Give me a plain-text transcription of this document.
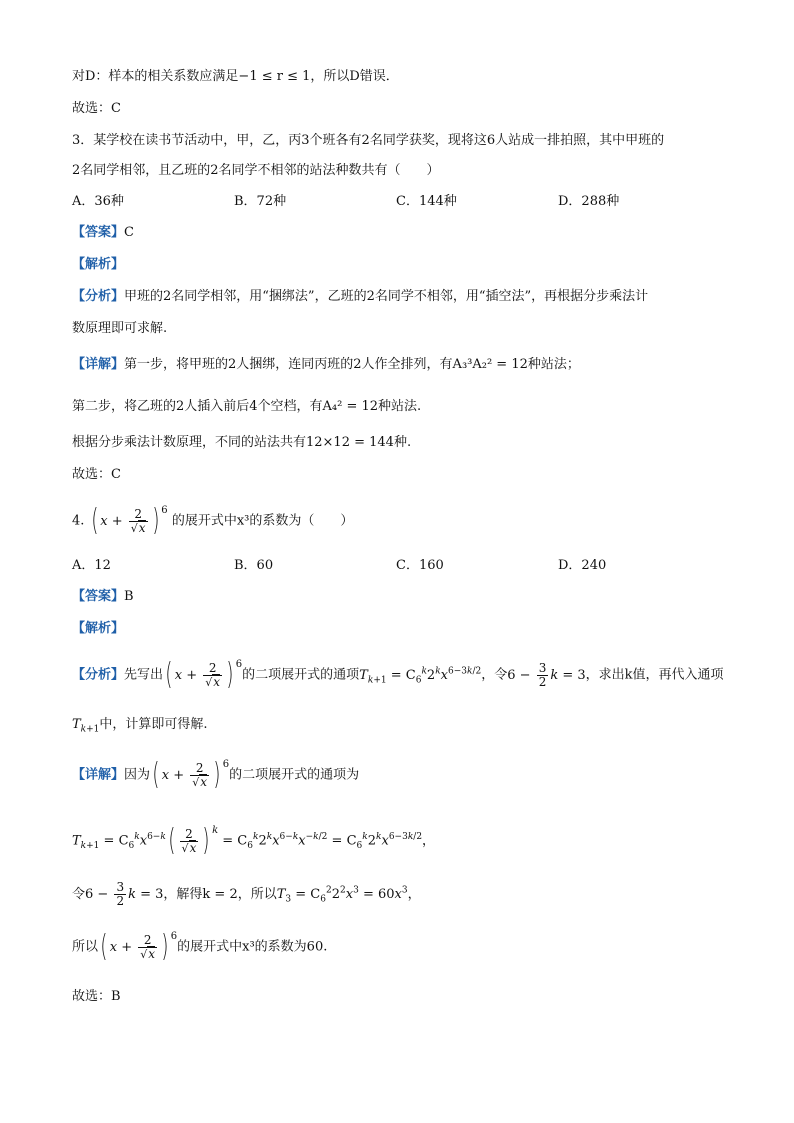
对D：样本的相关系数应满足−1 ≤ r ≤ 1，所以D错误．
故选：C
3．某学校在读书节活动中，甲，乙，丙3个班各有2名同学获奖，现将这6人站成一排拍照，其中甲班的
2名同学相邻，且乙班的2名同学不相邻的站法种数共有（　　）
A．36种	B．72种	C．144种	D．288种
【答案】C
【解析】
【分析】甲班的2名同学相邻，用“捆绑法”，乙班的2名同学不相邻，用“插空法”，再根据分步乘法计
数原理即可求解.
【详解】第一步，将甲班的2人捆绑，连同丙班的2人作全排列，有A₃³A₂² = 12种站法；
第二步，将乙班的2人插入前后4个空档，有A₄² = 12种站法.
根据分步乘法计数原理，不同的站法共有12×12 = 144种.
故选：C
4. ( $x + \frac{2}{√x}$ ) $^6$ 的展开式中x³的系数为（　　）
A．12	B．60	C．160	D．240
【答案】B
【解析】
【分析】先写出( $x + \frac{2}{√x}$ ) $^6$的二项展开式的通项$T_{k+1} = C_6^k2^kx^{6-3k/2}$，令$6 - \frac{3}{2}$ k = 3，求出k值，再代入通项
$T_{k+1}$中，计算即可得解.
【详解】因为( $x + \frac{2}{√x}$ ) $^6$的二项展开式的通项为
$T_{k+1} = C_6^kx^{6-k}( \frac{2}{√x}$ ) $^k = C_6^k2^kx^{6-k}x^{-k/2} = C_6^k2^kx^{6-3k/2}$，
令$6 - \frac{3}{2}$ k = 3，解得k = 2，所以$T_3 = C_6^22^2x^3 = 60x^3$，
所以( $x + \frac{2}{√x}$ ) $^6$的展开式中x³的系数为60.
故选：B
